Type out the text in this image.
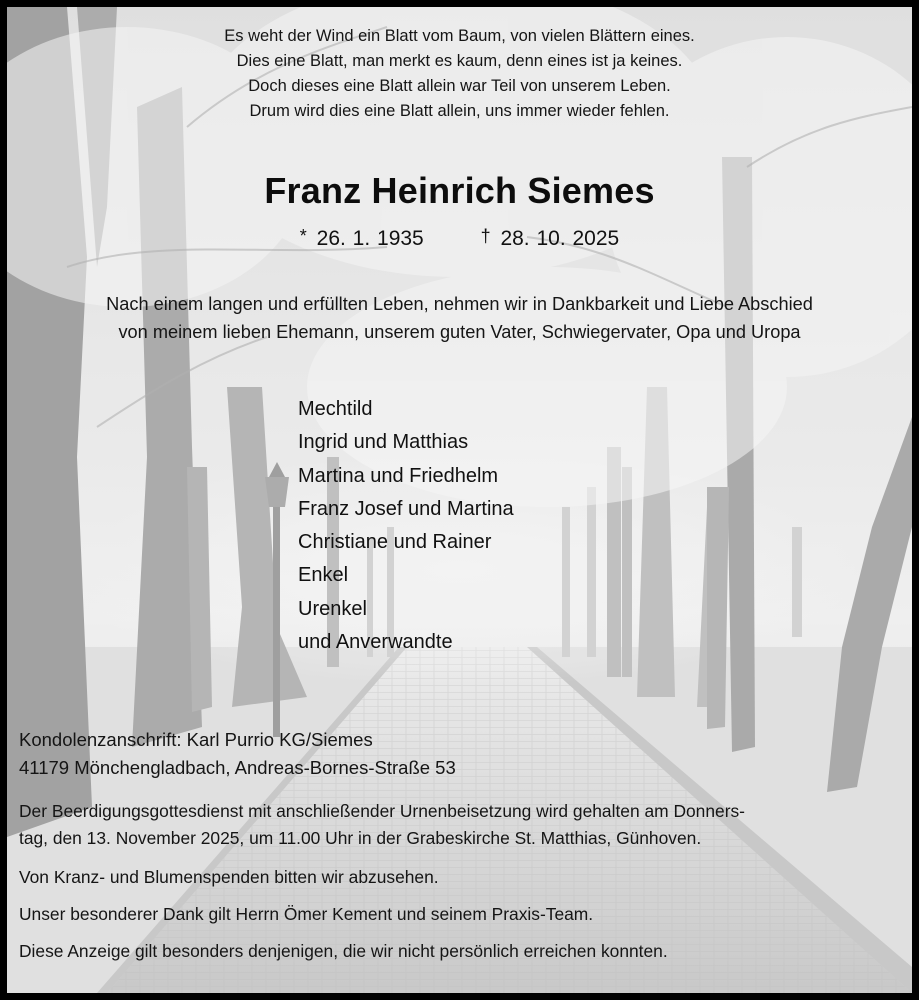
Es weht der Wind ein Blatt vom Baum, von vielen Blättern eines.
Dies eine Blatt, man merkt es kaum, denn eines ist ja keines.
Doch dieses eine Blatt allein war Teil von unserem Leben.
Drum wird dies eine Blatt allein, uns immer wieder fehlen.
Franz Heinrich Siemes
* 26. 1. 1935	† 28. 10. 2025
Nach einem langen und erfüllten Leben, nehmen wir in Dankbarkeit und Liebe Abschied
von meinem lieben Ehemann, unserem guten Vater, Schwiegervater, Opa und Uropa
Mechtild
Ingrid und Matthias
Martina und Friedhelm
Franz Josef und Martina
Christiane und Rainer
Enkel
Urenkel
und Anverwandte
Kondolenzanschrift: Karl Purrio KG/Siemes
41179 Mönchengladbach, Andreas-Bornes-Straße 53
Der Beerdigungsgottesdienst mit anschließender Urnenbeisetzung wird gehalten am Donners-
tag, den 13. November 2025, um 11.00 Uhr in der Grabeskirche St. Matthias, Günhoven.
Von Kranz- und Blumenspenden bitten wir abzusehen.
Unser besonderer Dank gilt Herrn Ömer Kement und seinem Praxis-Team.
Diese Anzeige gilt besonders denjenigen, die wir nicht persönlich erreichen konnten.
